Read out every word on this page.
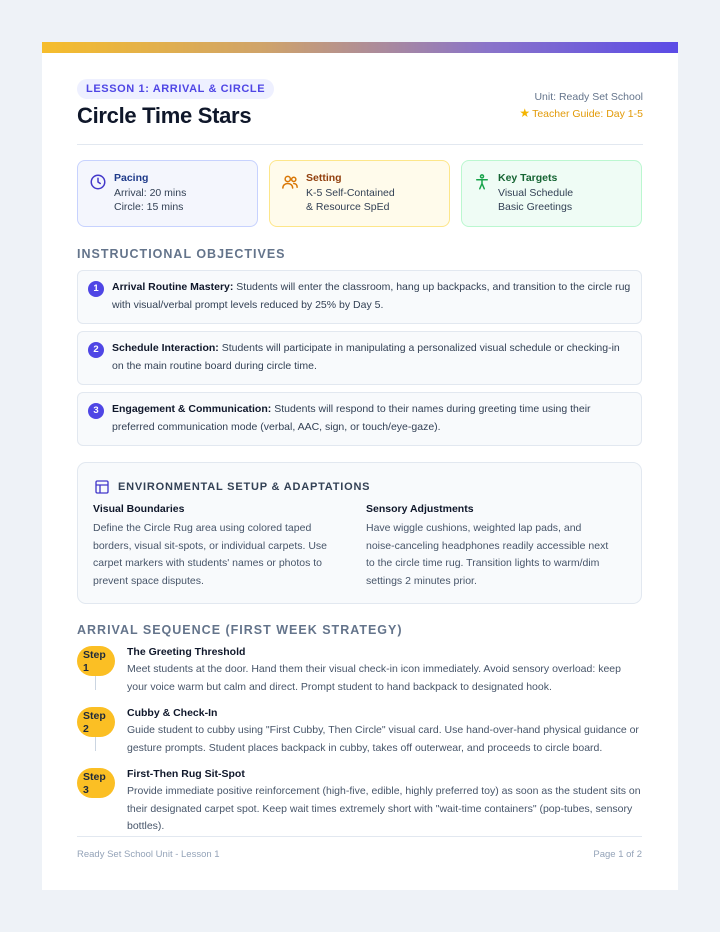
LESSON 1: ARRIVAL & CIRCLE
Circle Time Stars
Unit: Ready Set School
★ Teacher Guide: Day 1-5
Pacing
Arrival: 20 mins
Circle: 15 mins
Setting
K-5 Self-Contained
& Resource SpEd
Key Targets
Visual Schedule
Basic Greetings
INSTRUCTIONAL OBJECTIVES
1	Arrival Routine Mastery: Students will enter the classroom, hang up backpacks, and transition to the circle rug with visual/verbal prompt levels reduced by 25% by Day 5.
2	Schedule Interaction: Students will participate in manipulating a personalized visual schedule or checking-in on the main routine board during circle time.
3	Engagement & Communication: Students will respond to their names during greeting time using their preferred communication mode (verbal, AAC, sign, or touch/eye-gaze).
ENVIRONMENTAL SETUP & ADAPTATIONS
Visual Boundaries
Define the Circle Rug area using colored taped borders, visual sit-spots, or individual carpets. Use carpet markers with students' names or photos to prevent space disputes.
Sensory Adjustments
Have wiggle cushions, weighted lap pads, and noise-canceling headphones readily accessible next to the circle time rug. Transition lights to warm/dim settings 2 minutes prior.
ARRIVAL SEQUENCE (FIRST WEEK STRATEGY)
Step
1
The Greeting Threshold
Meet students at the door. Hand them their visual check-in icon immediately. Avoid sensory overload: keep your voice warm but calm and direct. Prompt student to hand backpack to designated hook.
Step
2
Cubby & Check-In
Guide student to cubby using "First Cubby, Then Circle" visual card. Use hand-over-hand physical guidance or gesture prompts. Student places backpack in cubby, takes off outerwear, and proceeds to circle board.
Step
3
First-Then Rug Sit-Spot
Provide immediate positive reinforcement (high-five, edible, highly preferred toy) as soon as the student sits on their designated carpet spot. Keep wait times extremely short with "wait-time containers" (pop-tubes, sensory bottles).
Ready Set School Unit - Lesson 1	Page 1 of 2
